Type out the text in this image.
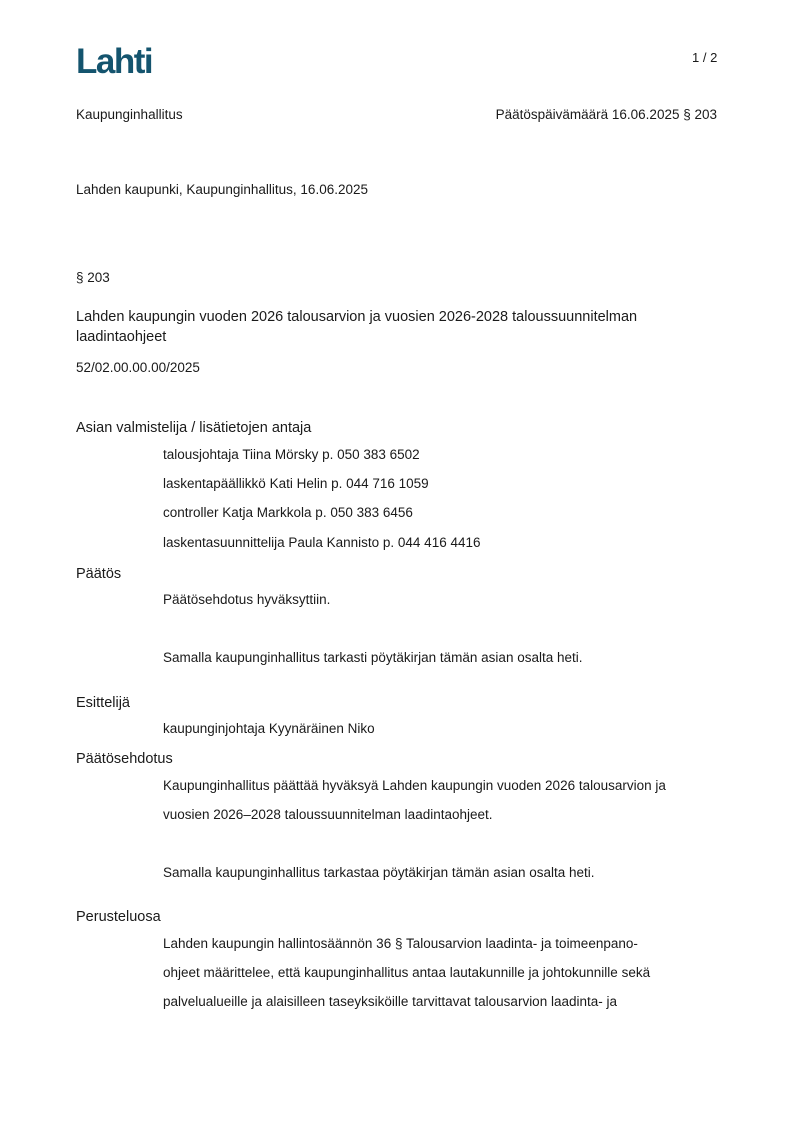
Lahti	1 / 2
Kaupunginhallitus	Päätöspäivämäärä 16.06.2025 § 203
Lahden kaupunki, Kaupunginhallitus, 16.06.2025
§ 203
Lahden kaupungin vuoden 2026 talousarvion ja vuosien 2026-2028 taloussuunnitelman laadintaohjeet
52/02.00.00.00/2025
Asian valmistelija / lisätietojen antaja
talousjohtaja Tiina Mörsky p. 050 383 6502
laskentapäällikkö Kati Helin p. 044 716 1059
controller Katja Markkola p. 050 383 6456
laskentasuunnittelija Paula Kannisto p. 044 416 4416
Päätös
Päätösehdotus hyväksyttiin.
Samalla kaupunginhallitus tarkasti pöytäkirjan tämän asian osalta heti.
Esittelijä
kaupunginjohtaja Kyynäräinen Niko
Päätösehdotus
Kaupunginhallitus päättää hyväksyä Lahden kaupungin vuoden 2026 talousarvion ja
vuosien 2026–2028 taloussuunnitelman laadintaohjeet.
Samalla kaupunginhallitus tarkastaa pöytäkirjan tämän asian osalta heti.
Perusteluosa
Lahden kaupungin hallintosäännön 36 § Talousarvion laadinta- ja toimeenpano-
ohjeet määrittelee, että kaupunginhallitus antaa lautakunnille ja johtokunnille sekä
palvelualueille ja alaisilleen taseyksiköille tarvittavat talousarvion laadinta- ja
